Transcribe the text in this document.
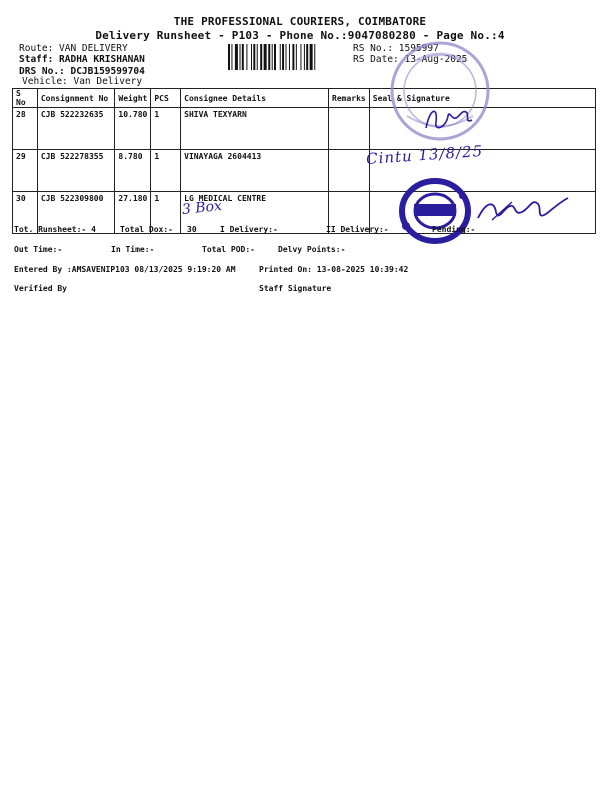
THE PROFESSIONAL COURIERS, COIMBATORE
Delivery Runsheet - P103 - Phone No.:9047080280 - Page No.:4
Route: VAN DELIVERY
Staff: RADHA KRISHANAN
DRS No.: DCJB159599704
Vehicle: Van Delivery
RS No.: 1595997
RS Date: 13-Aug-2025
S No	Consignment No	Weight	PCS	Consignee Details	Remarks	Seal & Signature
28	CJB 522232635	10.780	1	SHIVA TEXYARN		
29	CJB 522278355	8.780	1	VINAYAGA 2604413		
30	CJB 522309800	27.180	1	LG MEDICAL CENTRE		
Cintu 13/8/25
3 Box
Tot. Runsheet:- 4	Total Dox:- 30	I Delivery:-	II Delivery:-	Pending:-
Out Time:-	In Time:-	Total POD:-	Delvy Points:-
Entered By :AMSAVENIP103 08/13/2025 9:19:20 AM	Printed On: 13-08-2025 10:39:42
Verified By	Staff Signature
